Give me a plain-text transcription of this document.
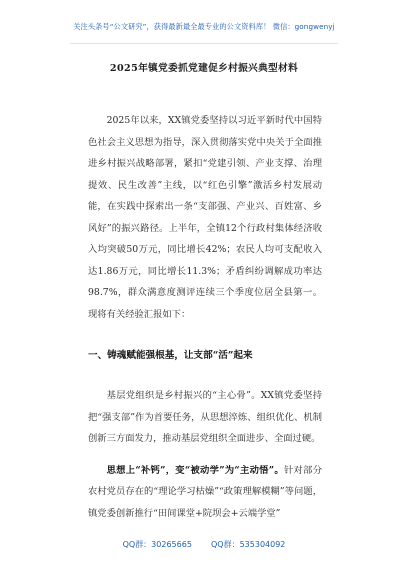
关注头条号“公文研究”，获得最新最全最专业的公文资料库！ 微信：gongwenyj
2025年镇党委抓党建促乡村振兴典型材料

2025年以来，XX镇党委坚持以习近平新时代中国特色社会主义思想为指导，深入贯彻落实党中央关于全面推进乡村振兴战略部署，紧扣“党建引领、产业支撑、治理提效、民生改善”主线，以“红色引擎”激活乡村发展动能，在实践中探索出一条“支部强、产业兴、百姓富、乡风好”的振兴路径。上半年，全镇12个行政村集体经济收入均突破50万元，同比增长42%；农民人均可支配收入达1.86万元，同比增长11.3%；矛盾纠纷调解成功率达98.7%，群众满意度测评连续三个季度位居全县第一。现将有关经验汇报如下：

一、铸魂赋能强根基，让支部“活”起来

基层党组织是乡村振兴的“主心骨”。XX镇党委坚持把“强支部”作为首要任务，从思想淬炼、组织优化、机制创新三方面发力，推动基层党组织全面进步、全面过硬。

思想上“补钙”，变“被动学”为“主动悟”。针对部分农村党员存在的“理论学习枯燥”“政策理解模糊”等问题，镇党委创新推行“田间课堂+院坝会+云端学堂”

QQ群：30265665 QQ群：535304092
